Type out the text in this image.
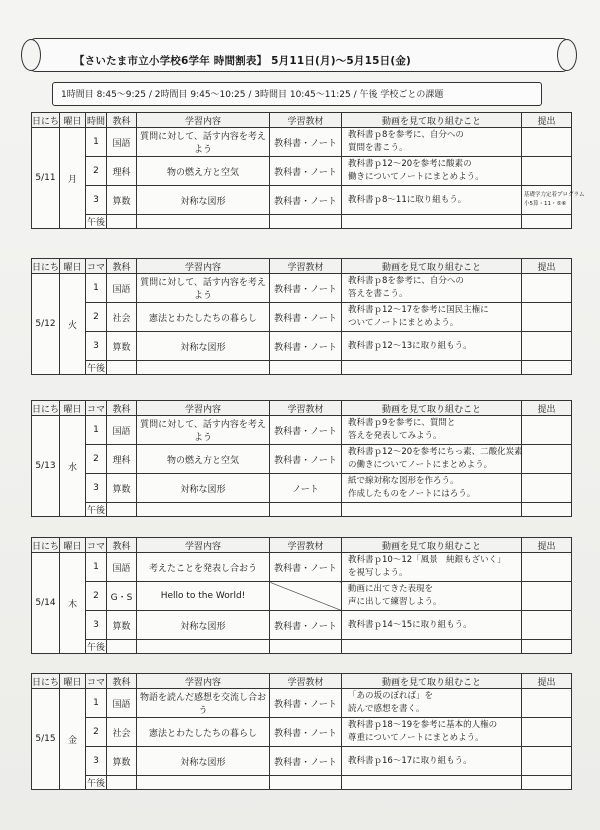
【さいたま市立小学校6学年 時間割表】 5月11日(月)～5月15日(金)
1時間目 8:45～9:25 / 2時間目 9:45～10:25 / 3時間目 10:45～11:25 / 午後 学校ごとの課題
日にち	曜日	時間	教科	学習内容	学習教材	動画を見て取り組むこと	提出
5/11	月	1	国語	質問に対して、話す内容を考えよう	教科書・ノート	教科書ｐ8を参考に、自分への
質問を書こう。	

		2	理科	物の燃え方と空気	教科書・ノート	教科書ｐ12～20を参考に酸素の
働きについてノートにまとめよう。	

		3	算数	対称な図形	教科書・ノート	教科書ｐ8～11に取り組もう。	基礎学力定着プログラム
小5算・11・⑤⑥

		午後					
日にち	曜日	コマ	教科	学習内容	学習教材	動画を見て取り組むこと	提出
5/12	火	1	国語	質問に対して、話す内容を考えよう	教科書・ノート	教科書ｐ8を参考に、自分への
答えを書こう。	

		2	社会	憲法とわたしたちの暮らし	教科書・ノート	教科書ｐ12～17を参考に国民主権に
ついてノートにまとめよう。	

		3	算数	対称な図形	教科書・ノート	教科書ｐ12～13に取り組もう。	

		午後					
日にち	曜日	コマ	教科	学習内容	学習教材	動画を見て取り組むこと	提出
5/13	水	1	国語	質問に対して、話す内容を考えよう	教科書・ノート	教科書ｐ9を参考に、質問と
答えを発表してみよう。	

		2	理科	物の燃え方と空気	教科書・ノート	教科書ｐ12～20を参考にちっ素、二酸化炭素
の働きについてノートにまとめよう。	

		3	算数	対称な図形	ノート	紙で線対称な図形を作ろう。
作成したものをノートにはろう。	

		午後					
日にち	曜日	コマ	教科	学習内容	学習教材	動画を見て取り組むこと	提出
5/14	木	1	国語	考えたことを発表し合おう	教科書・ノート	教科書ｐ10～12「風景　純銀もざいく」
を視写しよう。	

		2	G・S	Hello to the World!		動画に出てきた表現を
声に出して練習しよう。	

		3	算数	対称な図形	教科書・ノート	教科書ｐ14～15に取り組もう。	

		午後					
日にち	曜日	コマ	教科	学習内容	学習教材	動画を見て取り組むこと	提出
5/15	金	1	国語	物語を読んだ感想を交流し合おう	教科書・ノート	「あの坂のぼれば」を
読んで感想を書く。	

		2	社会	憲法とわたしたちの暮らし	教科書・ノート	教科書ｐ18～19を参考に基本的人権の
尊重についてノートにまとめよう。	

		3	算数	対称な図形	教科書・ノート	教科書ｐ16～17に取り組もう。	

		午後					
